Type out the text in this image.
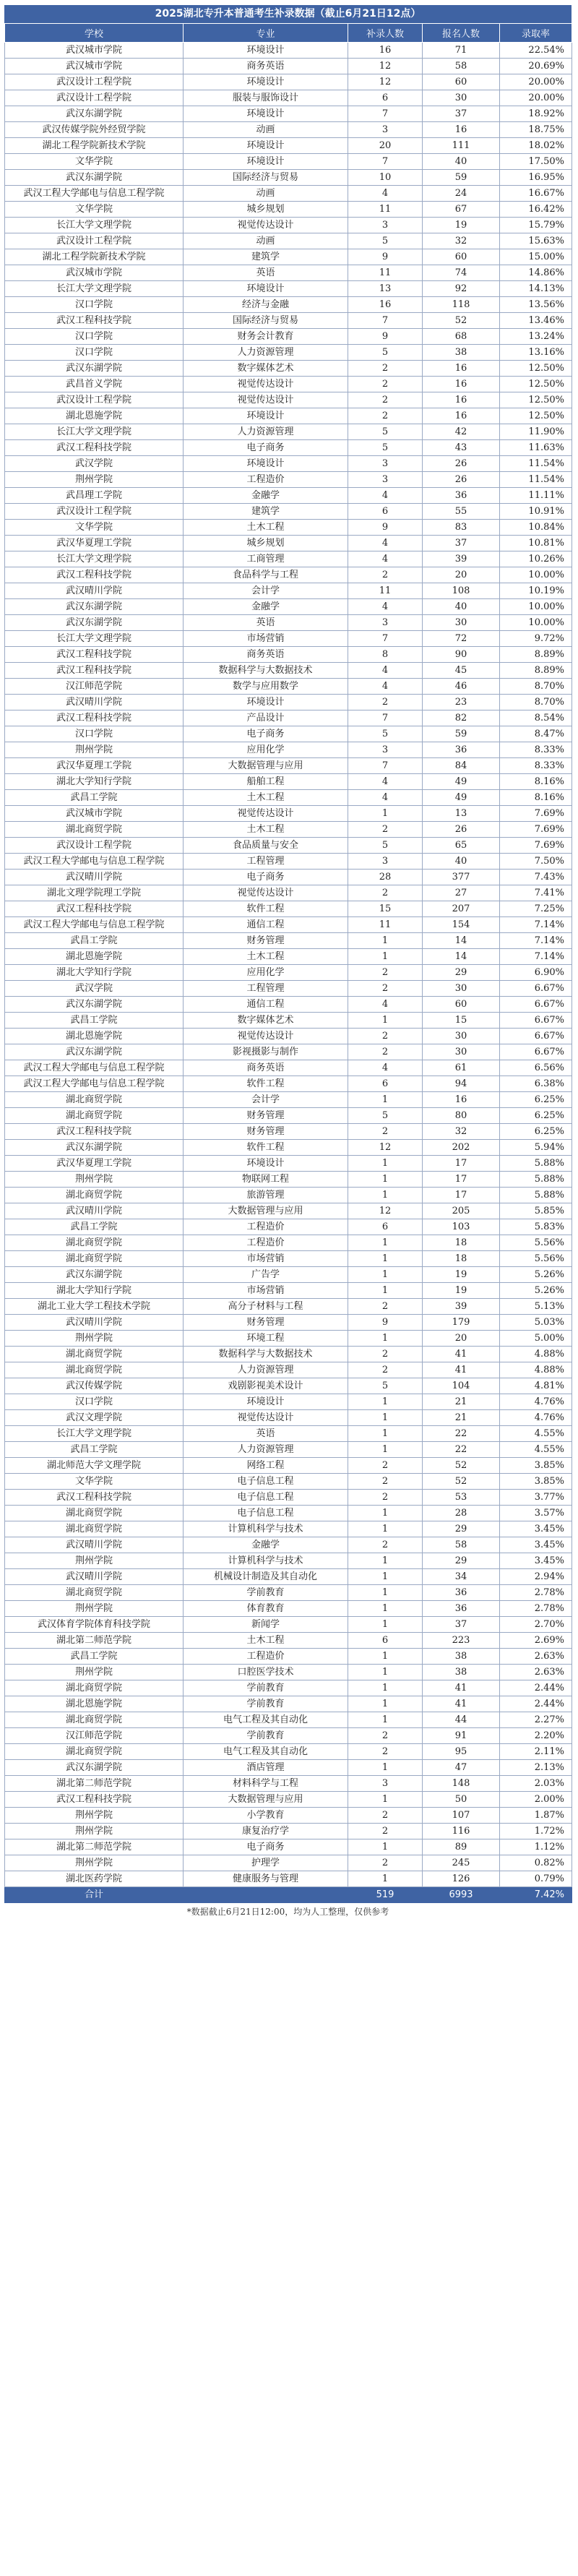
2025湖北专升本普通考生补录数据（截止6月21日12点）
学校	专业	补录人数	报名人数	录取率
武汉城市学院	环境设计	16	71	22.54%
武汉城市学院	商务英语	12	58	20.69%
武汉设计工程学院	环境设计	12	60	20.00%
武汉设计工程学院	服装与服饰设计	6	30	20.00%
武汉东湖学院	环境设计	7	37	18.92%
武汉传媒学院外经贸学院	动画	3	16	18.75%
湖北工程学院新技术学院	环境设计	20	111	18.02%
文华学院	环境设计	7	40	17.50%
武汉东湖学院	国际经济与贸易	10	59	16.95%
武汉工程大学邮电与信息工程学院	动画	4	24	16.67%
文华学院	城乡规划	11	67	16.42%
长江大学文理学院	视觉传达设计	3	19	15.79%
武汉设计工程学院	动画	5	32	15.63%
湖北工程学院新技术学院	建筑学	9	60	15.00%
武汉城市学院	英语	11	74	14.86%
长江大学文理学院	环境设计	13	92	14.13%
汉口学院	经济与金融	16	118	13.56%
武汉工程科技学院	国际经济与贸易	7	52	13.46%
汉口学院	财务会计教育	9	68	13.24%
汉口学院	人力资源管理	5	38	13.16%
武汉东湖学院	数字媒体艺术	2	16	12.50%
武昌首义学院	视觉传达设计	2	16	12.50%
武汉设计工程学院	视觉传达设计	2	16	12.50%
湖北恩施学院	环境设计	2	16	12.50%
长江大学文理学院	人力资源管理	5	42	11.90%
武汉工程科技学院	电子商务	5	43	11.63%
武汉学院	环境设计	3	26	11.54%
荆州学院	工程造价	3	26	11.54%
武昌理工学院	金融学	4	36	11.11%
武汉设计工程学院	建筑学	6	55	10.91%
文华学院	土木工程	9	83	10.84%
武汉华夏理工学院	城乡规划	4	37	10.81%
长江大学文理学院	工商管理	4	39	10.26%
武汉工程科技学院	食品科学与工程	2	20	10.00%
武汉晴川学院	会计学	11	108	10.19%
武汉东湖学院	金融学	4	40	10.00%
武汉东湖学院	英语	3	30	10.00%
长江大学文理学院	市场营销	7	72	9.72%
武汉工程科技学院	商务英语	8	90	8.89%
武汉工程科技学院	数据科学与大数据技术	4	45	8.89%
汉江师范学院	数学与应用数学	4	46	8.70%
武汉晴川学院	环境设计	2	23	8.70%
武汉工程科技学院	产品设计	7	82	8.54%
汉口学院	电子商务	5	59	8.47%
荆州学院	应用化学	3	36	8.33%
武汉华夏理工学院	大数据管理与应用	7	84	8.33%
湖北大学知行学院	船舶工程	4	49	8.16%
武昌工学院	土木工程	4	49	8.16%
武汉城市学院	视觉传达设计	1	13	7.69%
湖北商贸学院	土木工程	2	26	7.69%
武汉设计工程学院	食品质量与安全	5	65	7.69%
武汉工程大学邮电与信息工程学院	工程管理	3	40	7.50%
武汉晴川学院	电子商务	28	377	7.43%
湖北文理学院理工学院	视觉传达设计	2	27	7.41%
武汉工程科技学院	软件工程	15	207	7.25%
武汉工程大学邮电与信息工程学院	通信工程	11	154	7.14%
武昌工学院	财务管理	1	14	7.14%
湖北恩施学院	土木工程	1	14	7.14%
湖北大学知行学院	应用化学	2	29	6.90%
武汉学院	工程管理	2	30	6.67%
武汉东湖学院	通信工程	4	60	6.67%
武昌工学院	数字媒体艺术	1	15	6.67%
湖北恩施学院	视觉传达设计	2	30	6.67%
武汉东湖学院	影视摄影与制作	2	30	6.67%
武汉工程大学邮电与信息工程学院	商务英语	4	61	6.56%
武汉工程大学邮电与信息工程学院	软件工程	6	94	6.38%
湖北商贸学院	会计学	1	16	6.25%
湖北商贸学院	财务管理	5	80	6.25%
武汉工程科技学院	财务管理	2	32	6.25%
武汉东湖学院	软件工程	12	202	5.94%
武汉华夏理工学院	环境设计	1	17	5.88%
荆州学院	物联网工程	1	17	5.88%
湖北商贸学院	旅游管理	1	17	5.88%
武汉晴川学院	大数据管理与应用	12	205	5.85%
武昌工学院	工程造价	6	103	5.83%
湖北商贸学院	工程造价	1	18	5.56%
湖北商贸学院	市场营销	1	18	5.56%
武汉东湖学院	广告学	1	19	5.26%
湖北大学知行学院	市场营销	1	19	5.26%
湖北工业大学工程技术学院	高分子材料与工程	2	39	5.13%
武汉晴川学院	财务管理	9	179	5.03%
荆州学院	环境工程	1	20	5.00%
湖北商贸学院	数据科学与大数据技术	2	41	4.88%
湖北商贸学院	人力资源管理	2	41	4.88%
武汉传媒学院	戏剧影视美术设计	5	104	4.81%
汉口学院	环境设计	1	21	4.76%
武汉文理学院	视觉传达设计	1	21	4.76%
长江大学文理学院	英语	1	22	4.55%
武昌工学院	人力资源管理	1	22	4.55%
湖北师范大学文理学院	网络工程	2	52	3.85%
文华学院	电子信息工程	2	52	3.85%
武汉工程科技学院	电子信息工程	2	53	3.77%
湖北商贸学院	电子信息工程	1	28	3.57%
湖北商贸学院	计算机科学与技术	1	29	3.45%
武汉晴川学院	金融学	2	58	3.45%
荆州学院	计算机科学与技术	1	29	3.45%
武汉晴川学院	机械设计制造及其自动化	1	34	2.94%
湖北商贸学院	学前教育	1	36	2.78%
荆州学院	体育教育	1	36	2.78%
武汉体育学院体育科技学院	新闻学	1	37	2.70%
湖北第二师范学院	土木工程	6	223	2.69%
武昌工学院	工程造价	1	38	2.63%
荆州学院	口腔医学技术	1	38	2.63%
湖北商贸学院	学前教育	1	41	2.44%
湖北恩施学院	学前教育	1	41	2.44%
湖北商贸学院	电气工程及其自动化	1	44	2.27%
汉江师范学院	学前教育	2	91	2.20%
湖北商贸学院	电气工程及其自动化	2	95	2.11%
武汉东湖学院	酒店管理	1	47	2.13%
湖北第二师范学院	材料科学与工程	3	148	2.03%
武汉工程科技学院	大数据管理与应用	1	50	2.00%
荆州学院	小学教育	2	107	1.87%
荆州学院	康复治疗学	2	116	1.72%
湖北第二师范学院	电子商务	1	89	1.12%
荆州学院	护理学	2	245	0.82%
湖北医药学院	健康服务与管理	1	126	0.79%
合计		519	6993	7.42%
*数据截止6月21日12:00，均为人工整理，仅供参考
